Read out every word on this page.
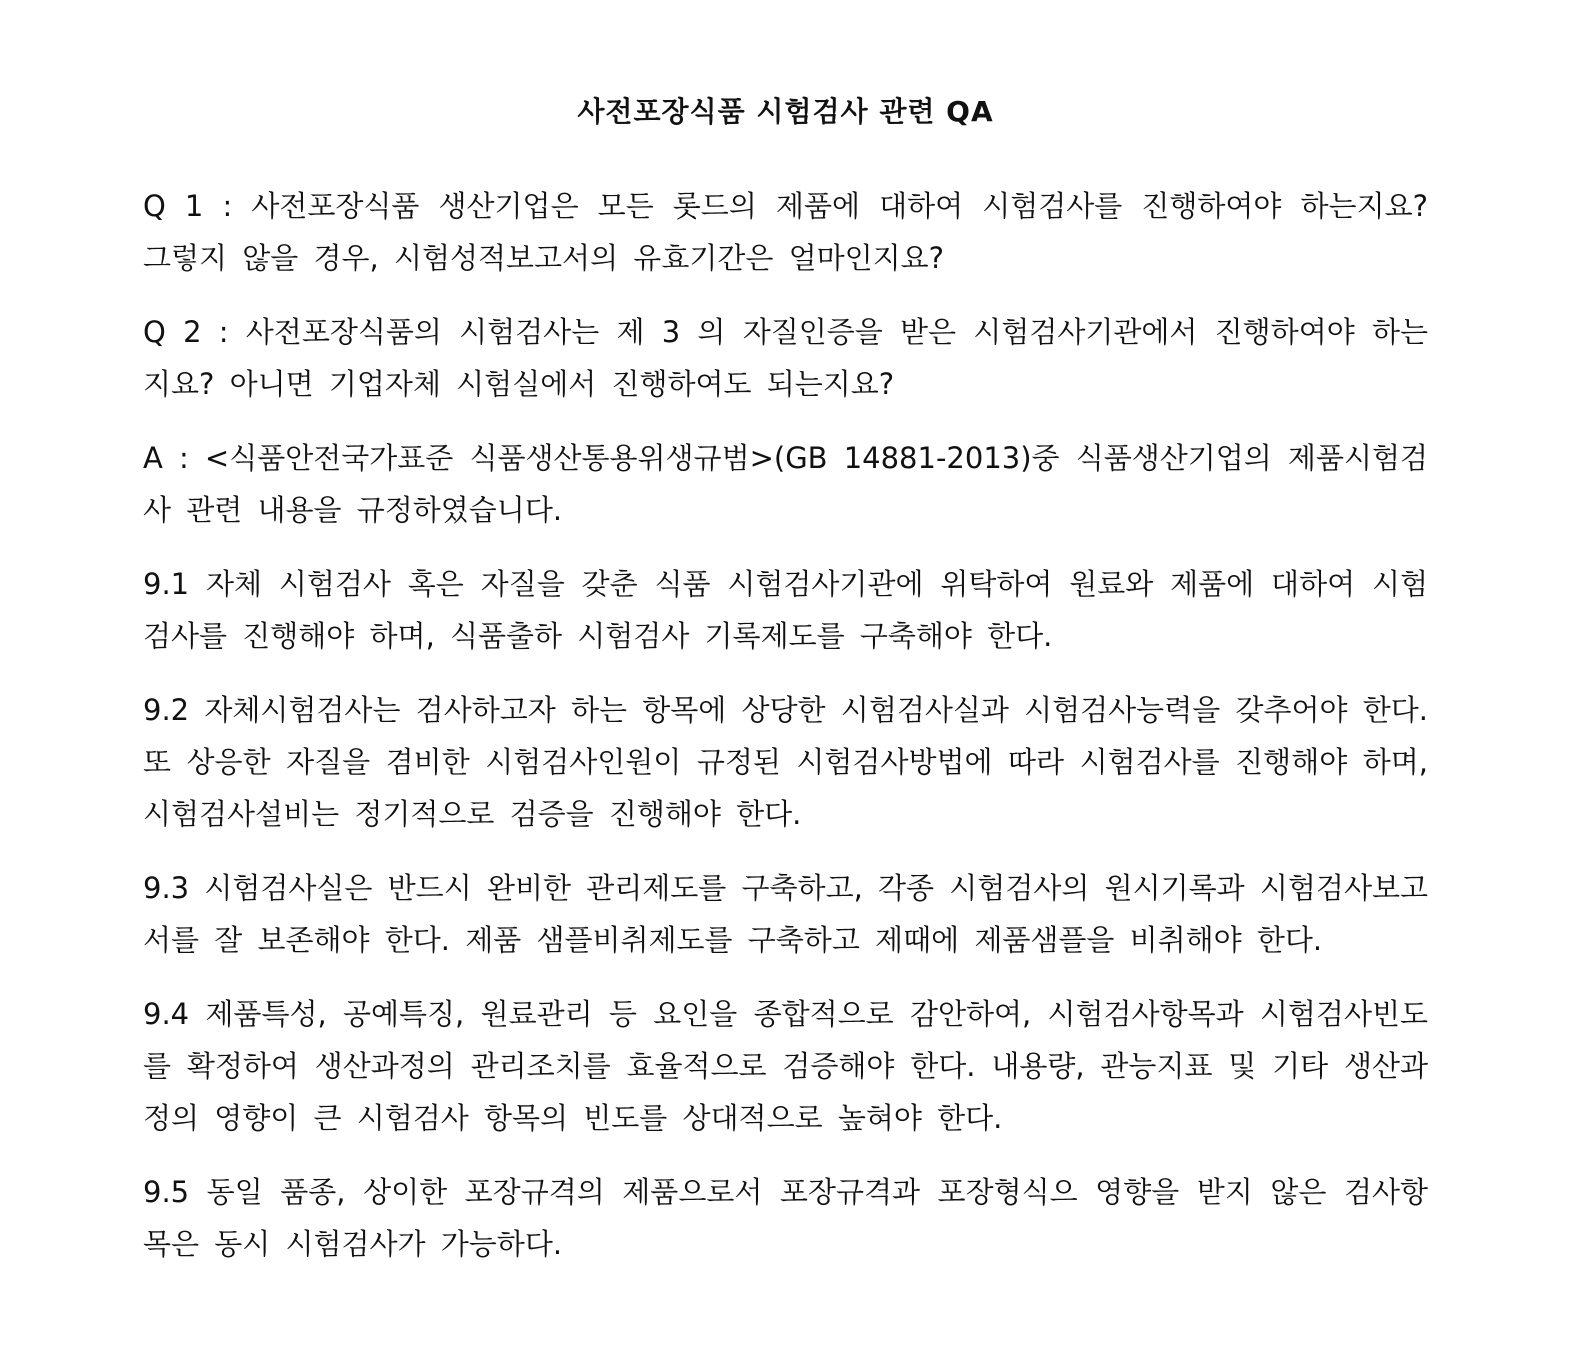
사전포장식품 시험검사 관련 QA

Q 1 : 사전포장식품 생산기업은 모든 롯드의 제품에 대하여 시험검사를 진행하여야 하는지요? 그렇지 않을 경우, 시험성적보고서의 유효기간은 얼마인지요?

Q 2 : 사전포장식품의 시험검사는 제 3 의 자질인증을 받은 시험검사기관에서 진행하여야 하는지요? 아니면 기업자체 시험실에서 진행하여도 되는지요?

A : <식품안전국가표준 식품생산통용위생규범>(GB 14881-2013)중 식품생산기업의 제품시험검사 관련 내용을 규정하였습니다.

9.1 자체 시험검사 혹은 자질을 갖춘 식품 시험검사기관에 위탁하여 원료와 제품에 대하여 시험검사를 진행해야 하며, 식품출하 시험검사 기록제도를 구축해야 한다.

9.2 자체시험검사는 검사하고자 하는 항목에 상당한 시험검사실과 시험검사능력을 갖추어야 한다. 또 상응한 자질을 겸비한 시험검사인원이 규정된 시험검사방법에 따라 시험검사를 진행해야 하며, 시험검사설비는 정기적으로 검증을 진행해야 한다.

9.3 시험검사실은 반드시 완비한 관리제도를 구축하고, 각종 시험검사의 원시기록과 시험검사보고서를 잘 보존해야 한다. 제품 샘플비취제도를 구축하고 제때에 제품샘플을 비취해야 한다.

9.4 제품특성, 공예특징, 원료관리 등 요인을 종합적으로 감안하여, 시험검사항목과 시험검사빈도를 확정하여 생산과정의 관리조치를 효율적으로 검증해야 한다. 내용량, 관능지표 및 기타 생산과정의 영향이 큰 시험검사 항목의 빈도를 상대적으로 높혀야 한다.

9.5 동일 품종, 상이한 포장규격의 제품으로서 포장규격과 포장형식으 영향을 받지 않은 검사항목은 동시 시험검사가 가능하다.
